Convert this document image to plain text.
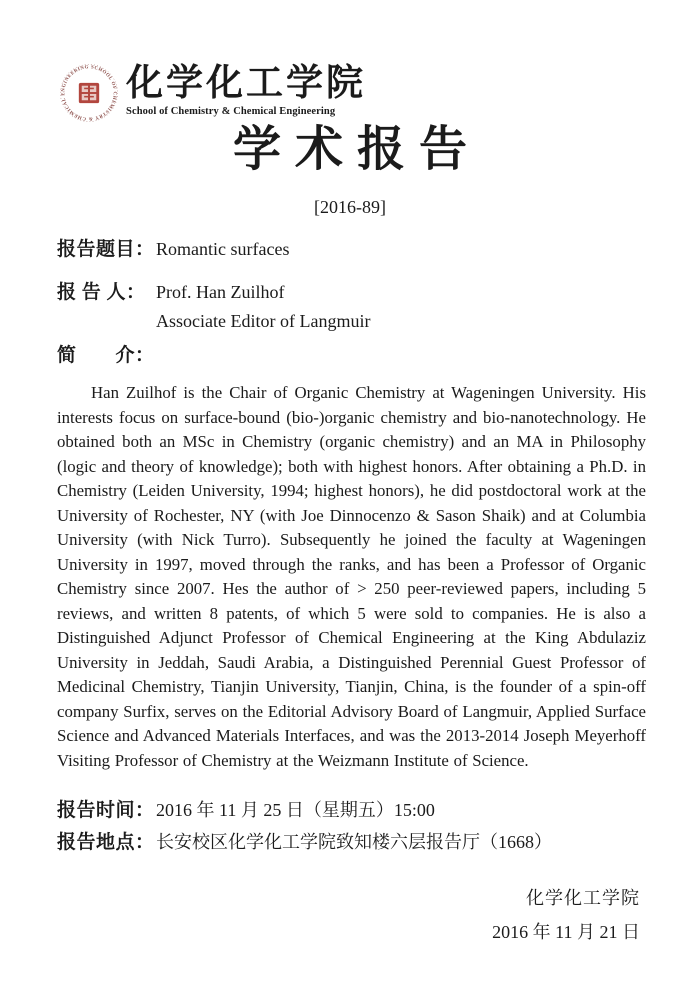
SCHOOL OF CHEMISTRY & CHEMICAL ENGINEERING 化学化工学院
School of Chemistry & Chemical Engineering
学术报告
[2016-89]
报告题目： Romantic surfaces
报 告 人： Prof. Han Zuilhof
Associate Editor of Langmuir
简　　介：

Han Zuilhof is the Chair of Organic Chemistry at Wageningen University. His interests focus on surface-bound (bio-)organic chemistry and bio-nanotechnology. He obtained both an MSc in Chemistry (organic chemistry) and an MA in Philosophy (logic and theory of knowledge); both with highest honors. After obtaining a Ph.D. in Chemistry (Leiden University, 1994; highest honors), he did postdoctoral work at the University of Rochester, NY (with Joe Dinnocenzo & Sason Shaik) and at Columbia University (with Nick Turro). Subsequently he joined the faculty at Wageningen University in 1997, moved through the ranks, and has been a Professor of Organic Chemistry since 2007. Hes the author of > 250 peer-reviewed papers, including 5 reviews, and written 8 patents, of which 5 were sold to companies. He is also a Distinguished Adjunct Professor of Chemical Engineering at the King Abdulaziz University in Jeddah, Saudi Arabia, a Distinguished Perennial Guest Professor of Medicinal Chemistry, Tianjin University, Tianjin, China, is the founder of a spin-off company Surfix, serves on the Editorial Advisory Board of Langmuir, Applied Surface Science and Advanced Materials Interfaces, and was the 2013-2014 Joseph Meyerhoff Visiting Professor of Chemistry at the Weizmann Institute of Science.

报告时间： 2016 年 11 月 25 日（星期五）15:00
报告地点： 长安校区化学化工学院致知楼六层报告厅（1668）
化学化工学院
2016 年 11 月 21 日
